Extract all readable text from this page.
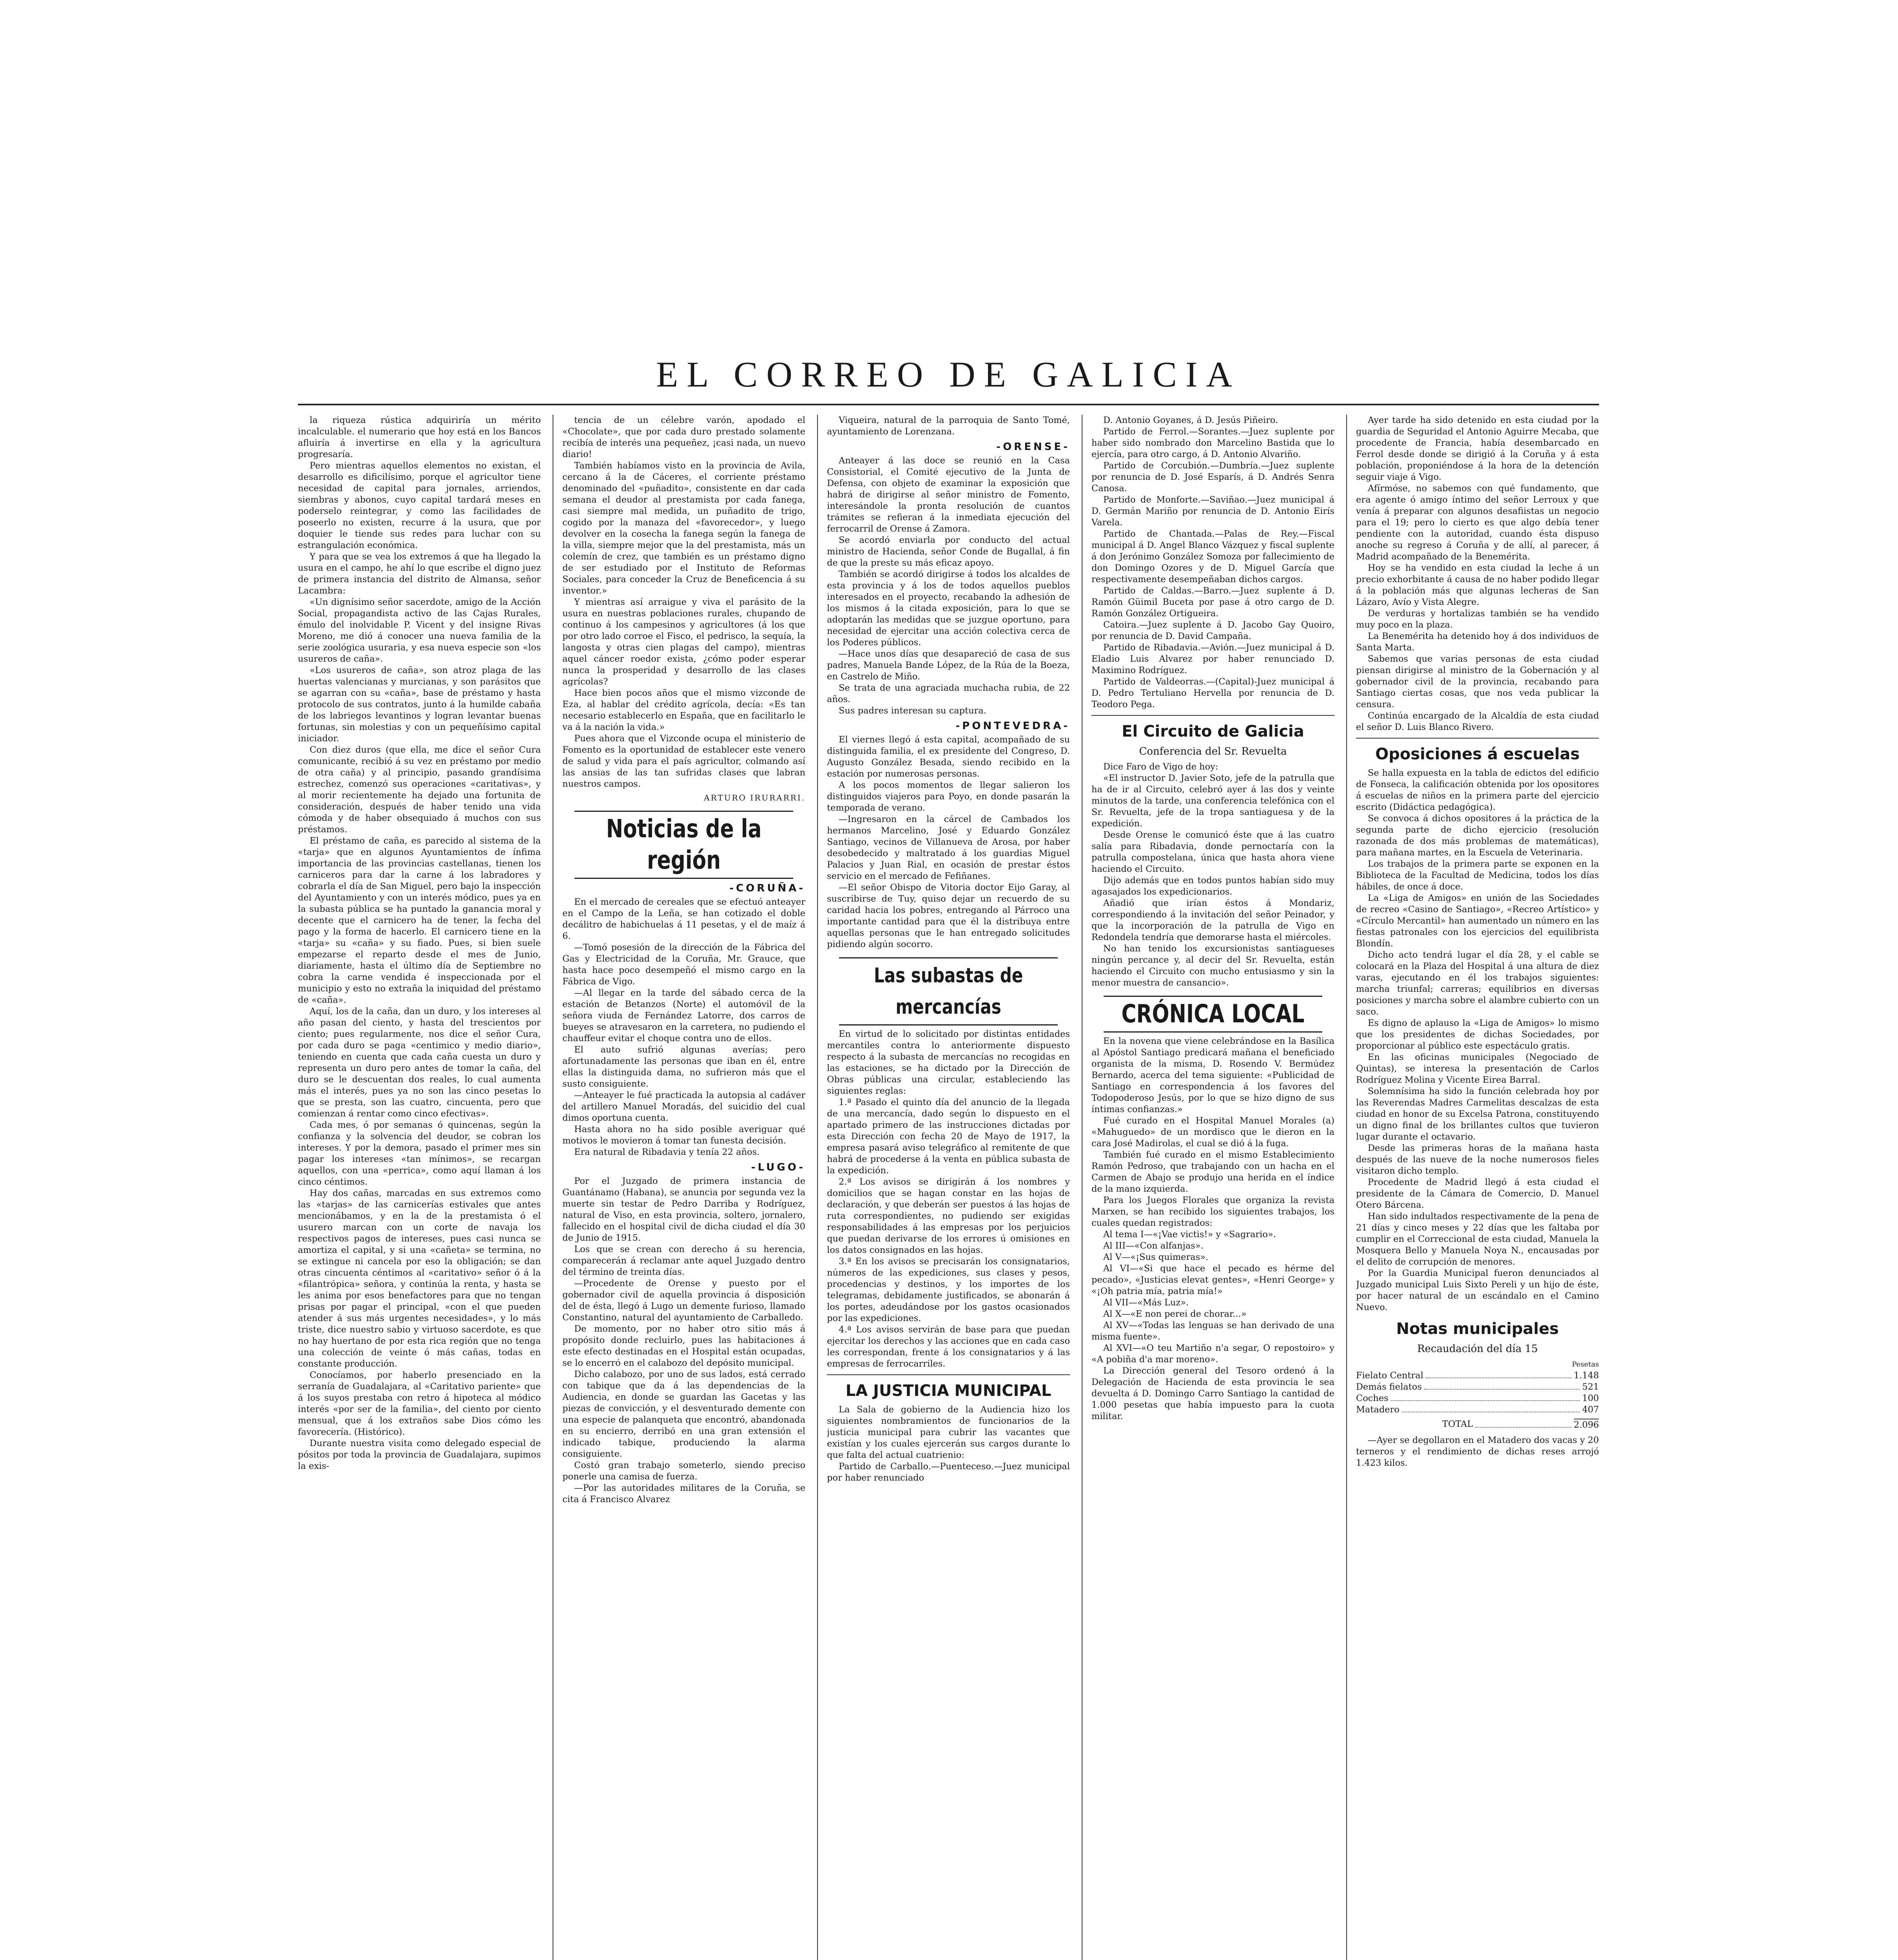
EL CORREO DE GALICIA

la riqueza rústica adquiriría un mérito incalculable. el numerario que hoy está en los Bancos afluiría á invertirse en ella y la agricultura progresaría.

Pero mientras aquellos elementos no existan, el desarrollo es dificilísimo, porque el agricultor tiene necesidad de capital para jornales, arriendos, siembras y abonos, cuyo capital tardará meses en poderselo reintegrar, y como las facilidades de poseerlo no existen, recurre á la usura, que por doquier le tiende sus redes para luchar con su estrangulación económica.

Y para que se vea los extremos á que ha llegado la usura en el campo, he ahí lo que escribe el digno juez de primera instancia del distrito de Almansa, señor Lacambra:

«Un dignísimo señor sacerdote, amigo de la Acción Social, propagandista activo de las Cajas Rurales, émulo del inolvidable P. Vicent y del insigne Rivas Moreno, me dió á conocer una nueva familia de la serie zoológica usuraria, y esa nueva especie son «los usureros de caña».

«Los usureros de caña», son atroz plaga de las huertas valencianas y murcianas, y son parásitos que se agarran con su «caña», base de préstamo y hasta protocolo de sus contratos, junto á la humilde cabaña de los labriegos levantinos y logran levantar buenas fortunas, sin molestias y con un pequeñísimo capital iniciador.

Con diez duros (que ella, me dice el señor Cura comunicante, recibió á su vez en préstamo por medio de otra caña) y al principio, pasando grandísima estrechez, comenzó sus operaciones «caritativas», y al morir recientemente ha dejado una fortunita de consideración, después de haber tenido una vida cómoda y de haber obsequiado á muchos con sus préstamos.

El préstamo de caña, es parecido al sistema de la «tarja» que en algunos Ayuntamientos de ínfima importancia de las provincias castellanas, tienen los carniceros para dar la carne á los labradores y cobrarla el día de San Miguel, pero bajo la inspección del Ayuntamiento y con un interés módico, pues ya en la subasta pública se ha puntado la ganancia moral y decente que el carnicero ha de tener, la fecha del pago y la forma de hacerlo. El carnicero tiene en la «tarja» su «caña» y su fiado. Pues, si bien suele empezarse el reparto desde el mes de Junio, diariamente, hasta el último día de Septiembre no cobra la carne vendida é inspeccionada por el municipio y esto no extraña la iniquidad del préstamo de «caña».

Aquí, los de la caña, dan un duro, y los intereses al año pasan del ciento, y hasta del trescientos por ciento; pues regularmente, nos dice el señor Cura, por cada duro se paga «centimico y medio diario», teniendo en cuenta que cada caña cuesta un duro y representa un duro pero antes de tomar la caña, del duro se le descuentan dos reales, lo cual aumenta más el interés, pues ya no son las cinco pesetas lo que se presta, son las cuatro, cincuenta, pero que comienzan á rentar como cinco efectivas».

Cada mes, ó por semanas ó quincenas, según la confianza y la solvencia del deudor, se cobran los intereses. Y por la demora, pasado el primer mes sin pagar los intereses «tan mínimos», se recargan aquellos, con una «perrica», como aquí llaman á los cinco céntimos.

Hay dos cañas, marcadas en sus extremos como las «tarjas» de las carnicerías estivales que antes mencionábamos, y en la de la prestamista ó el usurero marcan con un corte de navaja los respectivos pagos de intereses, pues casi nunca se amortiza el capital, y si una «cañeta» se termina, no se extingue ni cancela por eso la obligación; se dan otras cincuenta céntimos al «caritativo» señor ó á la «filantrópica» señora, y continúa la renta, y hasta se les anima por esos benefactores para que no tengan prisas por pagar el principal, «con el que pueden atender á sus más urgentes necesidades», y lo más triste, dice nuestro sabio y virtuoso sacerdote, es que no hay huertano de por esta rica región que no tenga una colección de veinte ó más cañas, todas en constante producción.

Conocíamos, por haberlo presenciado en la serranía de Guadalajara, al «Caritativo pariente» que á los suyos prestaba con retro á hipoteca al módico interés «por ser de la familia», del ciento por ciento mensual, que á los extraños sabe Dios cómo les favorecería. (Histórico).

Durante nuestra visita como delegado especial de pósitos por toda la provincia de Guadalajara, supimos la exis-

tencia de un célebre varón, apodado el «Chocolate», que por cada duro prestado solamente recibía de interés una pequeñez, ¡casi nada, un nuevo diario!

También habíamos visto en la provincia de Avila, cercano á la de Cáceres, el corriente préstamo denominado del «puñadito», consistente en dar cada semana el deudor al prestamista por cada fanega, casi siempre mal medida, un puñadito de trigo, cogido por la manaza del «favorecedor», y luego devolver en la cosecha la fanega según la fanega de la villa, siempre mejor que la del prestamista, más un colemín de crez, que también es un préstamo digno de ser estudiado por el Instituto de Reformas Sociales, para conceder la Cruz de Beneficencia á su inventor.»

Y mientras así arraigue y viva el parásito de la usura en nuestras poblaciones rurales, chupando de continuo á los campesinos y agricultores (á los que por otro lado corroe el Fisco, el pedrisco, la sequía, la langosta y otras cien plagas del campo), mientras aquel cáncer roedor exista, ¿cómo poder esperar nunca la prosperidad y desarrollo de las clases agrícolas?

Hace bien pocos años que el mismo vizconde de Eza, al hablar del crédito agrícola, decía: «Es tan necesario establecerlo en España, que en facilitarlo le va á la nación la vida.»

Pues ahora que el Vizconde ocupa el ministerio de Fomento es la oportunidad de establecer este venero de salud y vida para el país agricultor, colmando así las ansias de las tan sufridas clases que labran nuestros campos.

ARTURO IRURARRI.
Noticias de la región
-CORUÑA-

En el mercado de cereales que se efectuó anteayer en el Campo de la Leña, se han cotizado el doble decálitro de habichuelas á 11 pesetas, y el de maíz á 6.

—Tomó posesión de la dirección de la Fábrica del Gas y Electricidad de la Coruña, Mr. Grauce, que hasta hace poco desempeñó el mismo cargo en la Fábrica de Vigo.

—Al llegar en la tarde del sábado cerca de la estación de Betanzos (Norte) el automóvil de la señora viuda de Fernández Latorre, dos carros de bueyes se atravesaron en la carretera, no pudiendo el chauffeur evitar el choque contra uno de ellos.

El auto sufrió algunas averías; pero afortunadamente las personas que iban en él, entre ellas la distinguida dama, no sufrieron más que el susto consiguiente.

—Anteayer le fué practicada la autopsia al cadáver del artillero Manuel Moradás, del suicidio del cual dimos oportuna cuenta.

Hasta ahora no ha sido posible averiguar qué motivos le movieron á tomar tan funesta decisión.

Era natural de Ribadavia y tenía 22 años.

-LUGO-

Por el Juzgado de primera instancia de Guantánamo (Habana), se anuncia por segunda vez la muerte sin testar de Pedro Darriba y Rodríguez, natural de Viso, en esta provincia, soltero, jornalero, fallecido en el hospital civil de dicha ciudad el día 30 de Junio de 1915.

Los que se crean con derecho á su herencia, comparecerán á reclamar ante aquel Juzgado dentro del término de treinta días.

—Procedente de Orense y puesto por el gobernador civil de aquella provincia á disposición del de ésta, llegó á Lugo un demente furioso, llamado Constantino, natural del ayuntamiento de Carballedo.

De momento, por no haber otro sitio más á propósito donde recluirlo, pues las habitaciones á este efecto destinadas en el Hospital están ocupadas, se lo encerró en el calabozo del depósito municipal.

Dicho calabozo, por uno de sus lados, está cerrado con tabique que da á las dependencias de la Audiencia, en donde se guardan las Gacetas y las piezas de convicción, y el desventurado demente con una especie de palanqueta que encontró, abandonada en su encierro, derribó en una gran extensión el indicado tabique, produciendo la alarma consiguiente.

Costó gran trabajo someterlo, siendo preciso ponerle una camisa de fuerza.

—Por las autoridades militares de la Coruña, se cita á Francisco Alvarez

Viqueira, natural de la parroquia de Santo Tomé, ayuntamiento de Lorenzana.

-ORENSE-

Anteayer á las doce se reunió en la Casa Consistorial, el Comité ejecutivo de la Junta de Defensa, con objeto de examinar la exposición que habrá de dirigirse al señor ministro de Fomento, interesándole la pronta resolución de cuantos trámites se refieran á la inmediata ejecución del ferrocarril de Orense á Zamora.

Se acordó enviarla por conducto del actual ministro de Hacienda, señor Conde de Bugallal, á fin de que la preste su más eficaz apoyo.

También se acordó dirigirse á todos los alcaldes de esta provincia y á los de todos aquellos pueblos interesados en el proyecto, recabando la adhesión de los mismos á la citada exposición, para lo que se adoptarán las medidas que se juzgue oportuno, para necesidad de ejercitar una acción colectiva cerca de los Poderes públicos.

—Hace unos días que desapareció de casa de sus padres, Manuela Bande López, de la Rúa de la Boeza, en Castrelo de Miño.

Se trata de una agraciada muchacha rubia, de 22 años.

Sus padres interesan su captura.

-PONTEVEDRA-

El viernes llegó á esta capital, acompañado de su distinguida familia, el ex presidente del Congreso, D. Augusto González Besada, siendo recibido en la estación por numerosas personas.

A los pocos momentos de llegar salieron los distinguidos viajeros para Poyo, en donde pasarán la temporada de verano.

—Ingresaron en la cárcel de Cambados los hermanos Marcelino, José y Eduardo González Santiago, vecinos de Villanueva de Arosa, por haber desobedecido y maltratado á los guardias Miguel Palacios y Juan Rial, en ocasión de prestar éstos servicio en el mercado de Fefiñanes.

—El señor Obispo de Vitoria doctor Eijo Garay, al suscribirse de Tuy, quiso dejar un recuerdo de su caridad hacia los pobres, entregando al Párroco una importante cantidad para que él la distribuya entre aquellas personas que le han entregado solicitudes pidiendo algún socorro.

Las subastas de mercancías

En virtud de lo solicitado por distintas entidades mercantiles contra lo anteriormente dispuesto respecto á la subasta de mercancías no recogidas en las estaciones, se ha dictado por la Dirección de Obras públicas una circular, estableciendo las siguientes reglas:

1.ª Pasado el quinto día del anuncio de la llegada de una mercancía, dado según lo dispuesto en el apartado primero de las instrucciones dictadas por esta Dirección con fecha 20 de Mayo de 1917, la empresa pasará aviso telegráfico al remitente de que habrá de procederse á la venta en pública subasta de la expedición.

2.ª Los avisos se dirigirán á los nombres y domicilios que se hagan constar en las hojas de declaración, y que deberán ser puestos á las hojas de ruta correspondientes, no pudiendo ser exigidas responsabilidades á las empresas por los perjuicios que puedan derivarse de los errores ú omisiones en los datos consignados en las hojas.

3.ª En los avisos se precisarán los consignatarios, números de las expediciones, sus clases y pesos, procedencias y destinos, y los importes de los telegramas, debidamente justificados, se abonarán á los portes, adeudándose por los gastos ocasionados por las expediciones.

4.ª Los avisos servirán de base para que puedan ejercitar los derechos y las acciones que en cada caso les correspondan, frente á los consignatarios y á las empresas de ferrocarriles.

LA JUSTICIA MUNICIPAL

La Sala de gobierno de la Audiencia hizo los siguientes nombramientos de funcionarios de la justicia municipal para cubrir las vacantes que existían y los cuales ejercerán sus cargos durante lo que falta del actual cuatrienio:

Partido de Carballo.—Puenteceso.—Juez municipal por haber renunciado

D. Antonio Goyanes, á D. Jesús Piñeiro.

Partido de Ferrol.—Sorantes.—Juez suplente por haber sido nombrado don Marcelino Bastida que lo ejercía, para otro cargo, á D. Antonio Alvariño.

Partido de Corcubión.—Dumbría.—Juez suplente por renuncia de D. José Esparís, á D. Andrés Senra Canosa.

Partido de Monforte.—Saviñao.—Juez municipal á D. Germán Mariño por renuncia de D. Antonio Eirís Varela.

Partido de Chantada.—Palas de Rey.—Fiscal municipal á D. Angel Blanco Vázquez y fiscal suplente á don Jerónimo González Somoza por fallecimiento de don Domingo Ozores y de D. Miguel García que respectivamente desempeñaban dichos cargos.

Partido de Caldas.—Barro.—Juez suplente á D. Ramón Güimil Buceta por pase á otro cargo de D. Ramón González Ortigueira.

Catoira.—Juez suplente á D. Jacobo Gay Quoiro, por renuncia de D. David Campaña.

Partido de Ribadavia.—Avión.—Juez municipal á D. Eladio Luis Alvarez por haber renunciado D. Maximino Rodríguez.

Partido de Valdeorras.—(Capital)-Juez municipal á D. Pedro Tertuliano Hervella por renuncia de D. Teodoro Pega.

El Circuito de Galicia
Conferencia del Sr. Revuelta

Dice Faro de Vigo de hoy:

«El instructor D. Javier Soto, jefe de la patrulla que ha de ir al Circuito, celebró ayer á las dos y veinte minutos de la tarde, una conferencia telefónica con el Sr. Revuelta, jefe de la tropa santiaguesa y de la expedición.

Desde Orense le comunicó éste que á las cuatro salía para Ribadavia, donde pernoctaría con la patrulla compostelana, única que hasta ahora viene haciendo el Circuito.

Dijo además que en todos puntos habían sido muy agasajados los expedicionarios.

Añadió que irían éstos á Mondariz, correspondiendo á la invitación del señor Peinador, y que la incorporación de la patrulla de Vigo en Redondela tendría que demorarse hasta el miércoles.

No han tenido los excursionistas santiagueses ningún percance y, al decir del Sr. Revuelta, están haciendo el Circuito con mucho entusiasmo y sin la menor muestra de cansancio».

CRÓNICA LOCAL

En la novena que viene celebrándose en la Basílica al Apóstol Santiago predicará mañana el beneficiado organista de la misma, D. Rosendo V. Bermúdez Bernardo, acerca del tema siguiente: «Publicidad de Santiago en correspondencia á los favores del Todopoderoso Jesús, por lo que se hizo digno de sus íntimas confianzas.»

Fué curado en el Hospital Manuel Morales (a) «Mahuguedo» de un mordisco que le dieron en la cara José Madirolas, el cual se dió á la fuga.

También fué curado en el mismo Establecimiento Ramón Pedroso, que trabajando con un hacha en el Carmen de Abajo se produjo una herida en el índice de la mano izquierda.

Para los Juegos Florales que organiza la revista Marxen, se han recibido los siguientes trabajos, los cuales quedan registrados:

Al tema I—«¡Vae victis!» y «Sagrario».

Al III—«Con alfanjas».

Al V—«¡Sus quimeras».

Al VI—«Si que hace el pecado es hérme del pecado», «Justicias elevat gentes», «Henri George» y «¡Oh patria mía, patria mía!»

Al VII—«Más Luz».

Al X—«E non perei de chorar...»

Al XV—«Todas las lenguas se han derivado de una misma fuente».

Al XVI—«O teu Martiño n'a segar, O repostoiro» y «A pobiña d'a mar moreno».

La Dirección general del Tesoro ordenó á la Delegación de Hacienda de esta provincia le sea devuelta á D. Domingo Carro Santiago la cantidad de 1.000 pesetas que había impuesto para la cuota militar.

Ayer tarde ha sido detenido en esta ciudad por la guardia de Seguridad el Antonio Aguirre Mecaba, que procedente de Francia, había desembarcado en Ferrol desde donde se dirigió á la Coruña y á esta población, proponiéndose á la hora de la detención seguir viaje á Vigo.

Afírmóse, no sabemos con qué fundamento, que era agente ó amigo íntimo del señor Lerroux y que venía á preparar con algunos desafiistas un negocio para el 19; pero lo cierto es que algo debía tener pendiente con la autoridad, cuando ésta dispuso anoche su regreso á Coruña y de allí, al parecer, á Madrid acompañado de la Benemérita.

Hoy se ha vendido en esta ciudad la leche á un precio exhorbitante á causa de no haber podido llegar á la población más que algunas lecheras de San Lázaro, Avío y Vista Alegre.

De verduras y hortalizas también se ha vendido muy poco en la plaza.

La Benemérita ha detenido hoy á dos individuos de Santa Marta.

Sabemos que varias personas de esta ciudad piensan dirigirse al ministro de la Gobernación y al gobernador civil de la provincia, recabando para Santiago ciertas cosas, que nos veda publicar la censura.

Continúa encargado de la Alcaldía de esta ciudad el señor D. Luis Blanco Rivero.

Oposiciones á escuelas

Se halla expuesta en la tabla de edictos del edificio de Fonseca, la calificación obtenida por los opositores á escuelas de niños en la primera parte del ejercicio escrito (Didáctica pedagógica).

Se convoca á dichos opositores á la práctica de la segunda parte de dicho ejercicio (resolución razonada de dos más problemas de matemáticas), para mañana martes, en la Escuela de Veterinaria.

Los trabajos de la primera parte se exponen en la Biblioteca de la Facultad de Medicina, todos los días hábiles, de once á doce.

La «Liga de Amigos» en unión de las Sociedades de recreo «Casino de Santiago», «Recreo Artístico» y «Círculo Mercantil» han aumentado un número en las fiestas patronales con los ejercicios del equilibrista Blondín.

Dicho acto tendrá lugar el día 28, y el cable se colocará en la Plaza del Hospital á una altura de diez varas, ejecutando en él los trabajos siguientes: marcha triunfal; carreras; equilibrios en diversas posiciones y marcha sobre el alambre cubierto con un saco.

Es digno de aplauso la «Liga de Amigos» lo mismo que los presidentes de dichas Sociedades, por proporcionar al público este espectáculo gratis.

En las oficinas municipales (Negociado de Quintas), se interesa la presentación de Carlos Rodríguez Molina y Vicente Eirea Barral.

Solemnísima ha sido la función celebrada hoy por las Reverendas Madres Carmelitas descalzas de esta ciudad en honor de su Excelsa Patrona, constituyendo un digno final de los brillantes cultos que tuvieron lugar durante el octavario.

Desde las primeras horas de la mañana hasta después de las nueve de la noche numerosos fieles visitaron dicho templo.

Procedente de Madrid llegó á esta ciudad el presidente de la Cámara de Comercio, D. Manuel Otero Bárcena.

Han sido indultados respectivamente de la pena de 21 días y cinco meses y 22 días que les faltaba por cumplir en el Correccional de esta ciudad, Manuela la Mosquera Bello y Manuela Noya N., encausadas por el delito de corrupción de menores.

Por la Guardia Municipal fueron denunciados al Juzgado municipal Luis Sixto Pereli y un hijo de éste, por hacer natural de un escándalo en el Camino Nuevo.

Notas municipales
Recaudación del día 15
Pesetas
Fielato Central	1.148
Demás fielatos	521
Coches	100
Matadero	407
TOTAL	2.096

—Ayer se degollaron en el Matadero dos vacas y 20 terneros y el rendimiento de dichas reses arrojó 1.423 kilos.
